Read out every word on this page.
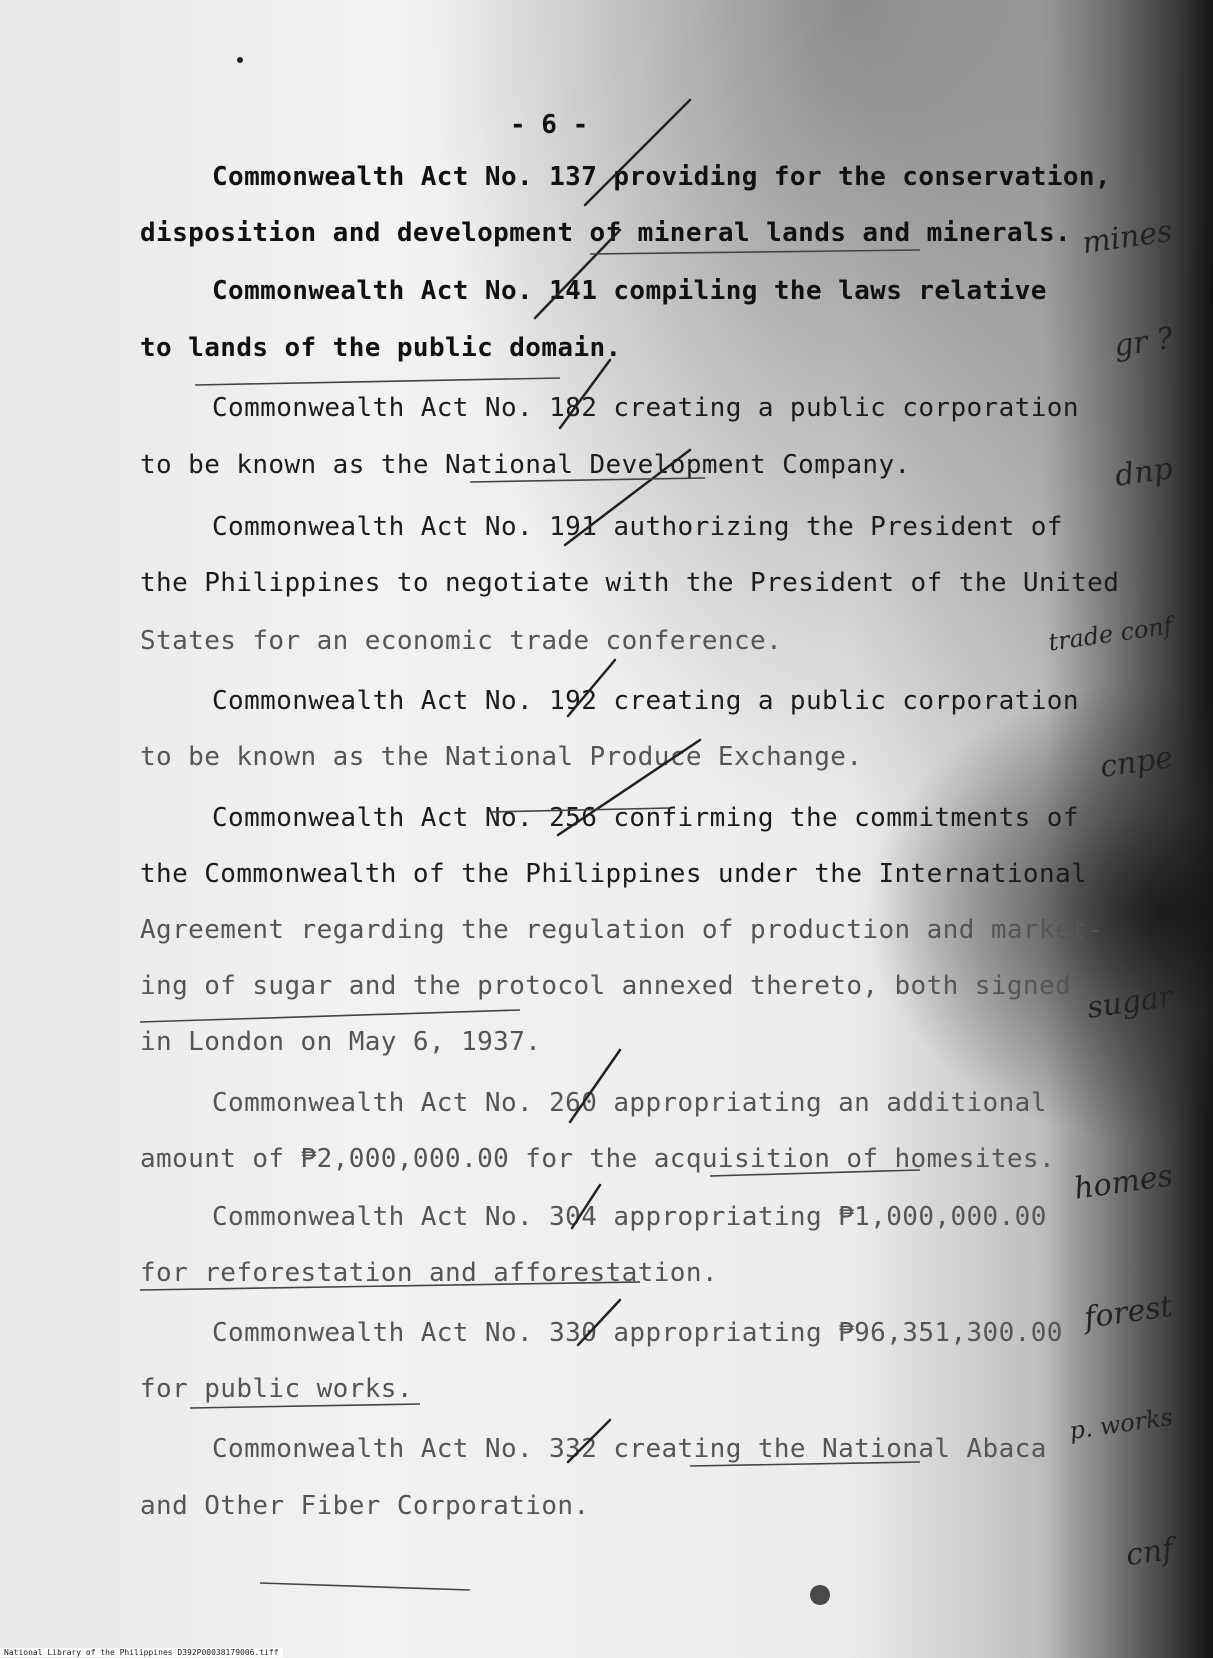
- 6 -
Commonwealth Act No. 137 providing for the conservation,
disposition and development of mineral lands and minerals.
Commonwealth Act No. 141 compiling the laws relative
to lands of the public domain.
Commonwealth Act No. 182 creating a public corporation
to be known as the National Development Company.
Commonwealth Act No. 191 authorizing the President of
the Philippines to negotiate with the President of the United
States for an economic trade conference.
Commonwealth Act No. 192 creating a public corporation
to be known as the National Produce Exchange.
Commonwealth Act No. 256 confirming the commitments of
the Commonwealth of the Philippines under the International
Agreement regarding the regulation of production and market-
ing of sugar and the protocol annexed thereto, both signed
in London on May 6, 1937.
Commonwealth Act No. 260 appropriating an additional
amount of ₱2,000,000.00 for the acquisition of homesites.
Commonwealth Act No. 304 appropriating ₱1,000,000.00
for reforestation and afforestation.
Commonwealth Act No. 330 appropriating ₱96,351,300.00
for public works.
Commonwealth Act No. 332 creating the National Abaca
and Other Fiber Corporation.
mines
gr ?
dnp
trade conf
cnpe
sugar
homes
forest
p. works
cnf
National Library of the Philippines D392P00038179006.tiff
